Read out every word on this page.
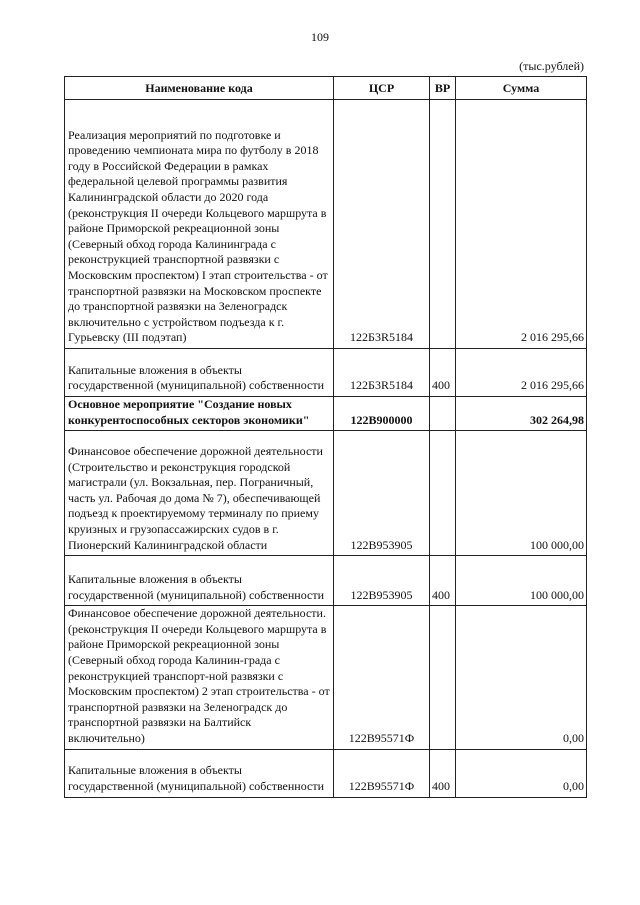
109
(тыс.рублей)
Наименование кода	ЦСР	ВР	Сумма
Реализация мероприятий по подготовке и проведению чемпионата мира по футболу в 2018 году в Российской Федерации в рамках федеральной целевой программы развития Калининградской области до 2020 года (реконструкция II очереди Кольцевого маршрута в районе Приморской рекреационной зоны (Северный обход города Калининграда с реконструкцией транспортной развязки с Московским проспектом) I этап строительства - от транспортной развязки на Московском проспекте до транспортной развязки на Зеленоградск включительно с устройством подъезда к г. Гурьевску (III подэтап)	122Б3R5184		2 016 295,66
Капитальные вложения в объекты государственной (муниципальной) собственности	122Б3R5184	400	2 016 295,66
Основное мероприятие "Создание новых конкурентоспособных секторов экономики"	122В900000		302 264,98
Финансовое обеспечение дорожной деятельности (Строительство и реконструкция городской магистрали (ул. Вокзальная, пер. Пограничный, часть ул. Рабочая до дома № 7), обеспечивающей подъезд к проектируемому терминалу по приему круизных и грузопассажирских судов в г. Пионерский Калининградской области	122В953905		100 000,00
Капитальные вложения в объекты государственной (муниципальной) собственности	122В953905	400	100 000,00
Финансовое обеспечение дорожной деятельности. (реконструкция II очереди Кольцевого маршрута в районе Приморской рекреационной зоны (Северный обход города Калинин-града с реконструкцией транспорт-ной развязки с Московским проспектом) 2 этап строительства - от транспортной развязки на Зеленоградск до транспортной развязки на Балтийск включительно)	122В95571Ф		0,00
Капитальные вложения в объекты государственной (муниципальной) собственности	122В95571Ф	400	0,00
